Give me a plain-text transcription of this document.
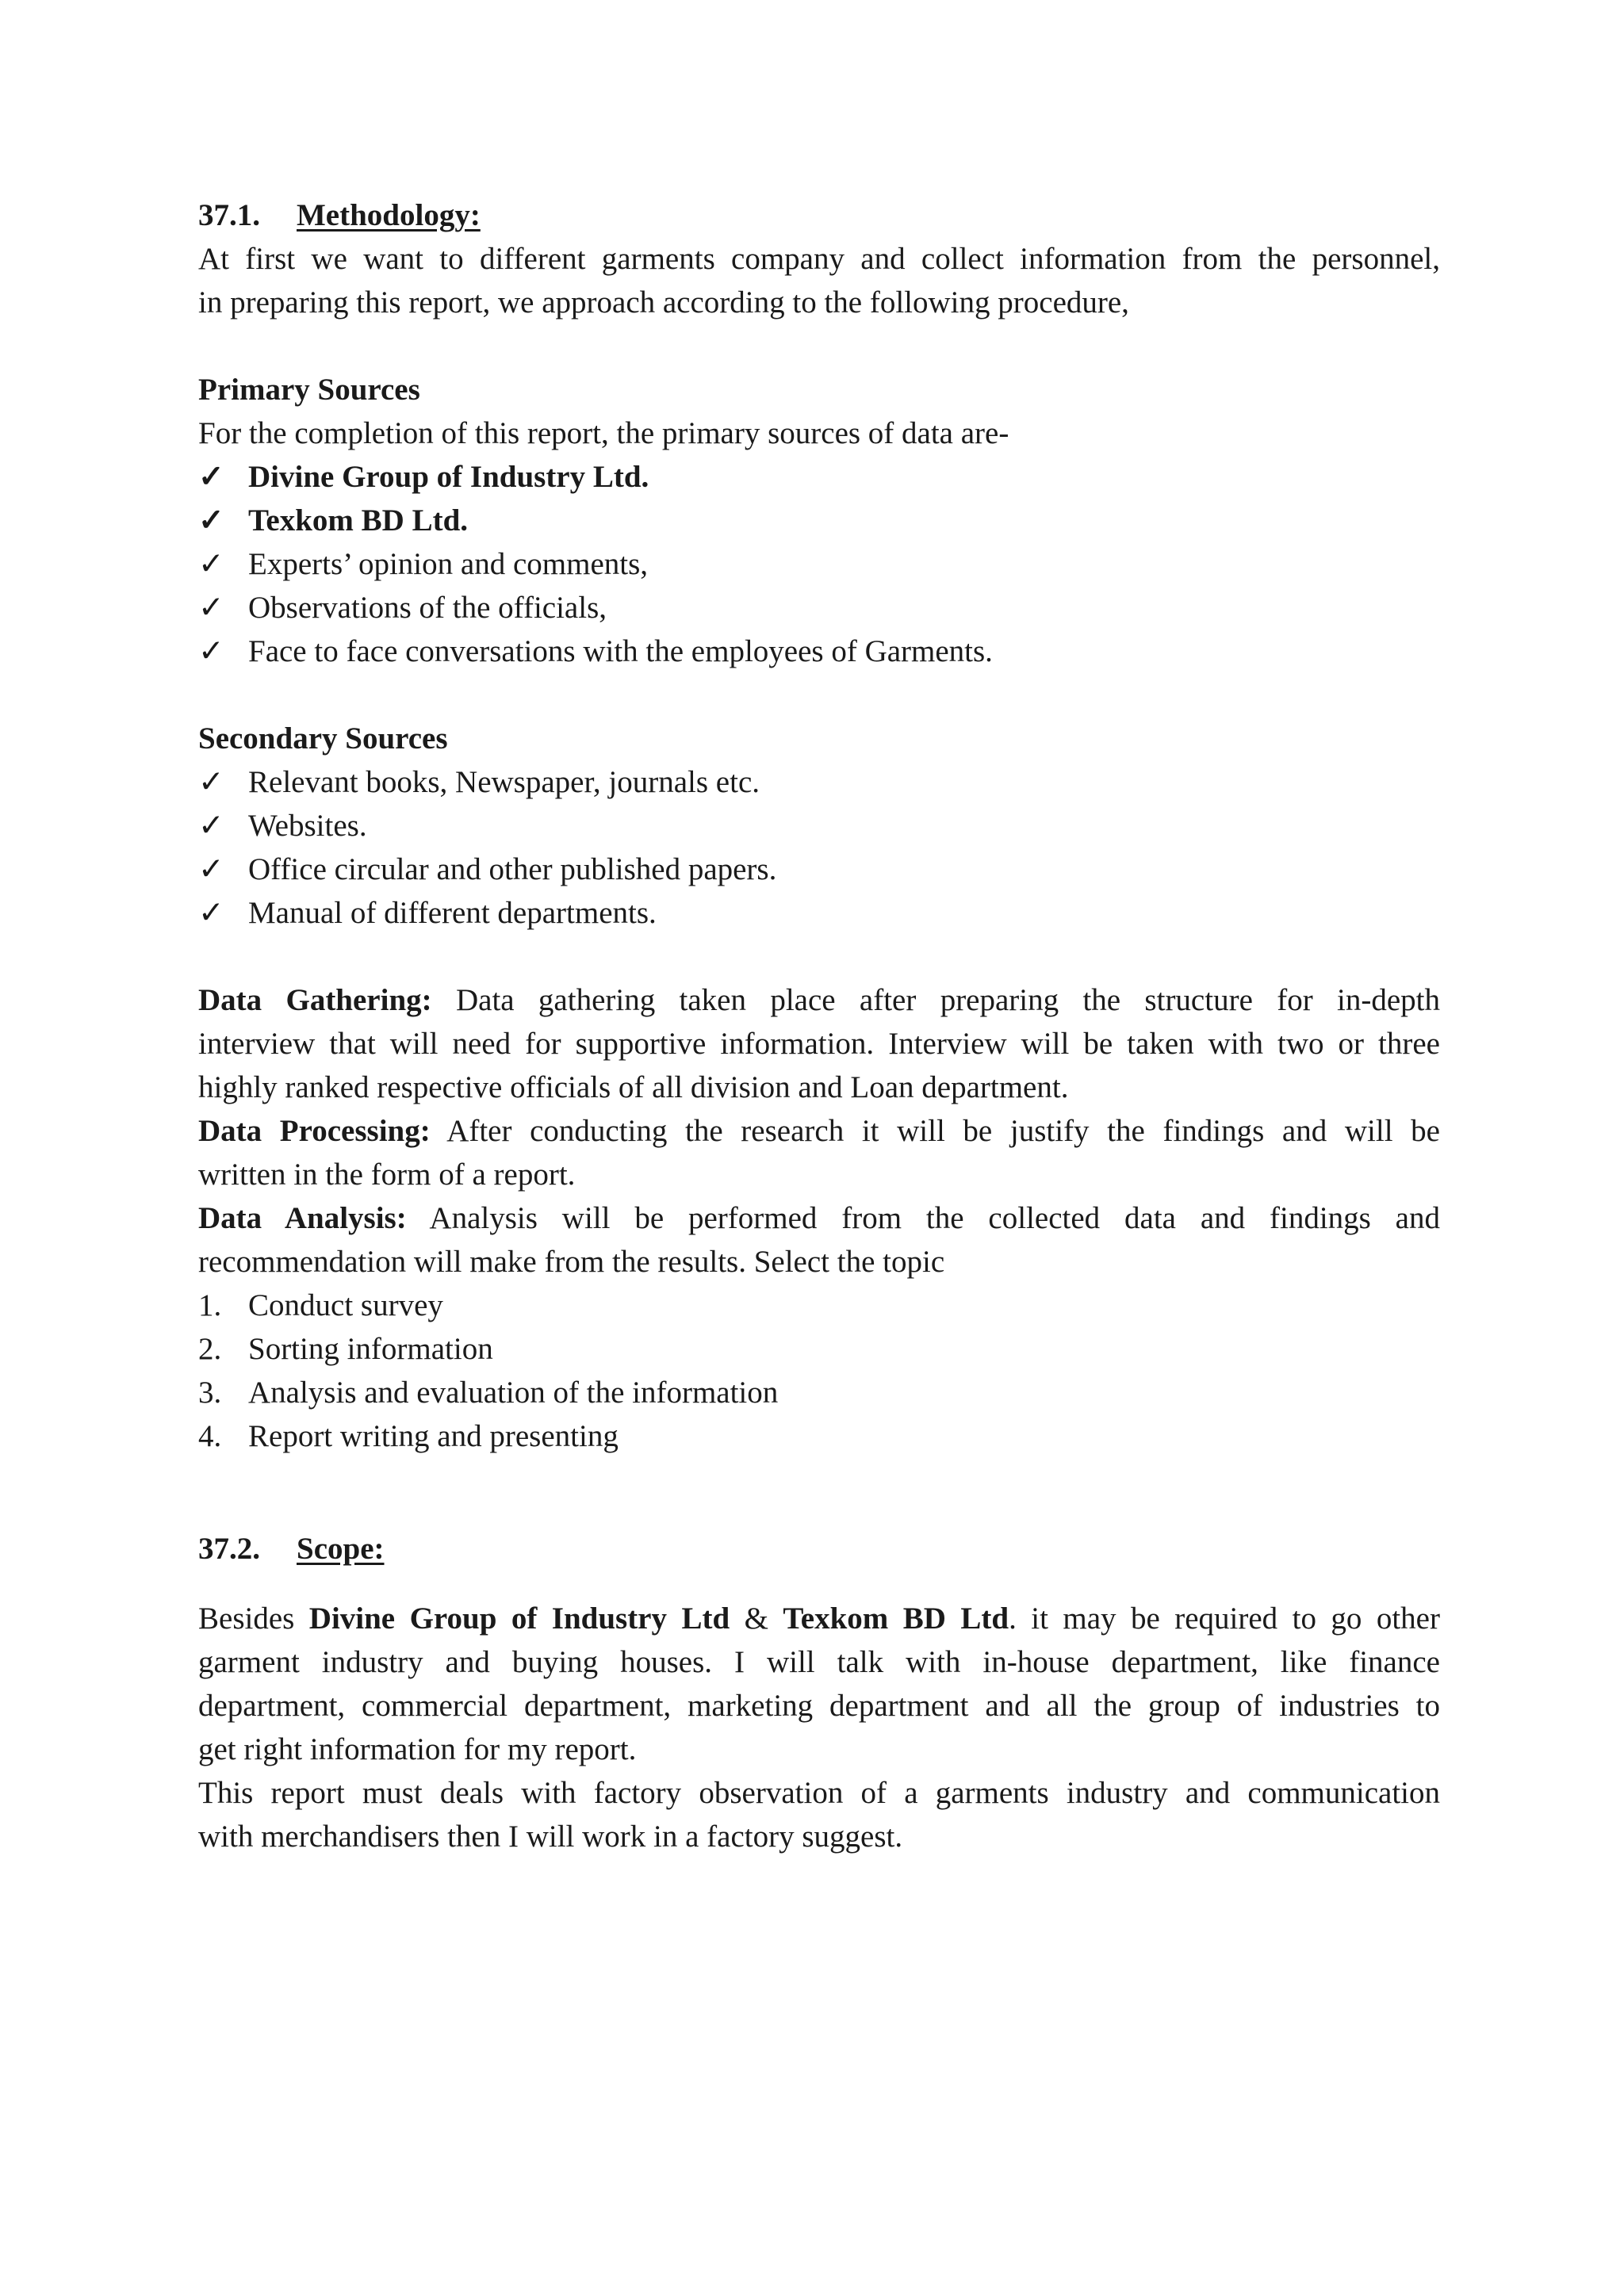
37.1.	Methodology:
At first we want to different garments company and collect information from the personnel,
in preparing this report, we approach according to the following procedure,
Primary Sources
For the completion of this report, the primary sources of data are-
✓ Divine Group of Industry Ltd.
✓ Texkom BD Ltd.
✓ Experts’ opinion and comments,
✓ Observations of the officials,
✓ Face to face conversations with the employees of Garments.
Secondary Sources
✓ Relevant books, Newspaper, journals etc.
✓ Websites.
✓ Office circular and other published papers.
✓ Manual of different departments.
Data Gathering: Data gathering taken place after preparing the structure for in-depth
interview that will need for supportive information. Interview will be taken with two or three
highly ranked respective officials of all division and Loan department.
Data Processing: After conducting the research it will be justify the findings and will be
written in the form of a report.
Data Analysis: Analysis will be performed from the collected data and findings and
recommendation will make from the results. Select the topic
1. Conduct survey
2. Sorting information
3. Analysis and evaluation of the information
4. Report writing and presenting
37.2.	Scope:
Besides Divine Group of Industry Ltd & Texkom BD Ltd. it may be required to go other
garment industry and buying houses. I will talk with in-house department, like finance
department, commercial department, marketing department and all the group of industries to
get right information for my report.
This report must deals with factory observation of a garments industry and communication
with merchandisers then I will work in a factory suggest.
